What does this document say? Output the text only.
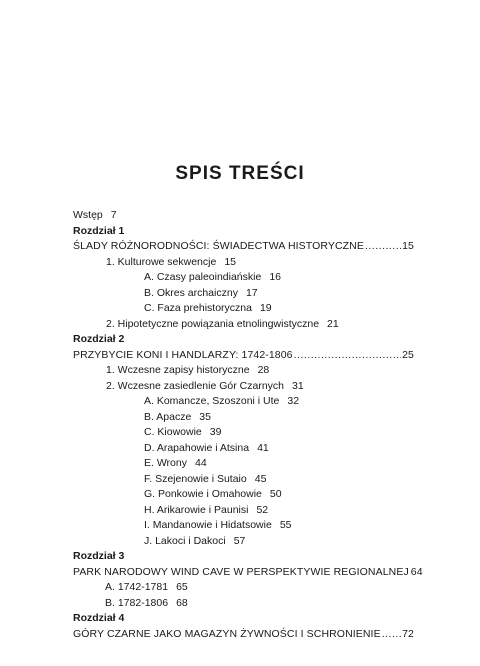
SPIS TREŚCI
Wstęp 7
Rozdział 1
ŚLADY RÓŻNORODNOŚCI: ŚWIADECTWA HISTORYCZNE .....	15
1. Kulturowe sekwencje 15
A. Czasy paleoindiańskie 16
B. Okres archaiczny 17
C. Faza prehistoryczna 19
2. Hipotetyczne powiązania etnolingwistyczne 21
Rozdział 2
PRZYBYCIE KONI I HANDLARZY: 1742-1806 .....	25
1. Wczesne zapisy historyczne 28
2. Wczesne zasiedlenie Gór Czarnych 31
A. Komancze, Szoszoni i Ute 32
B. Apacze 35
C. Kiowowie 39
D. Arapahowie i Atsina 41
E. Wrony 44
F. Szejenowie i Sutaio 45
G. Ponkowie i Omahowie 50
H. Arikarowie i Paunisi 52
I. Mandanowie i Hidatsowie 55
J. Lakoci i Dakoci 57
Rozdział 3
PARK NARODOWY WIND CAVE W PERSPEKTYWIE REGIONALNEJ 64
A. 1742-1781 65
B. 1782-1806 68
Rozdział 4
GÓRY CZARNE JAKO MAGAZYN ŻYWNOŚCI I SCHRONIENIE ..... 72
